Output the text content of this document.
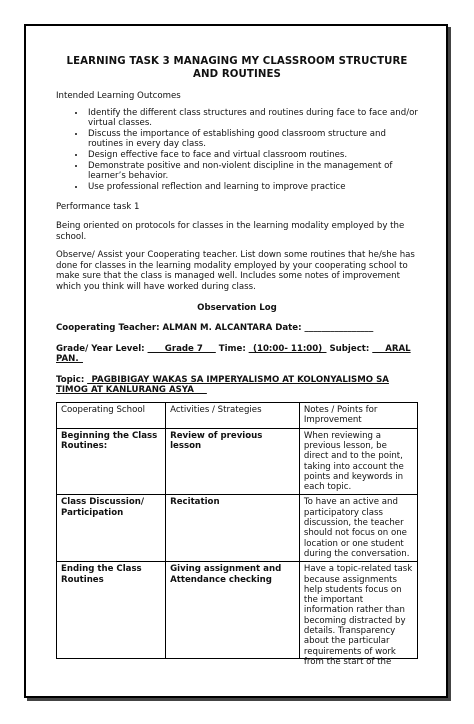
LEARNING TASK 3 MANAGING MY CLASSROOM STRUCTURE AND ROUTINES

Intended Learning Outcomes

• Identify the different class structures and routines during face to face and/or virtual classes.
• Discuss the importance of establishing good classroom structure and routines in every day class.
• Design effective face to face and virtual classroom routines.
• Demonstrate positive and non-violent discipline in the management of learner’s behavior.
• Use professional reflection and learning to improve practice

Performance task 1

Being oriented on protocols for classes in the learning modality employed by the school.

Observe/ Assist your Cooperating teacher. List down some routines that he/she has done for classes in the learning modality employed by your cooperating school to make sure that the class is managed well. Includes some notes of improvement which you think will have worked during class.

Observation Log

Cooperating Teacher: ALMAN M. ALCANTARA Date: ________________

Grade/ Year Level: ____Grade 7___ Time: _(10:00- 11:00)_ Subject: ___ARAL PAN._

Topic: _PAGBIBIGAY WAKAS SA IMPERYALISMO AT KOLONYALISMO SA TIMOG AT KANLURANG ASYA___

Cooperating School	Activities / Strategies	Notes / Points for Improvement
Beginning the Class Routines:	Review of previous lesson	When reviewing a previous lesson, be direct and to the point, taking into account the points and keywords in each topic.
Class Discussion/ Participation	Recitation	To have an active and participatory class discussion, the teacher should not focus on one location or one student during the conversation.
Ending the Class Routines	Giving assignment and Attendance checking	Have a topic-related task because assignments help students focus on the important information rather than becoming distracted by details. Transparency about the particular requirements of work from the start of the
